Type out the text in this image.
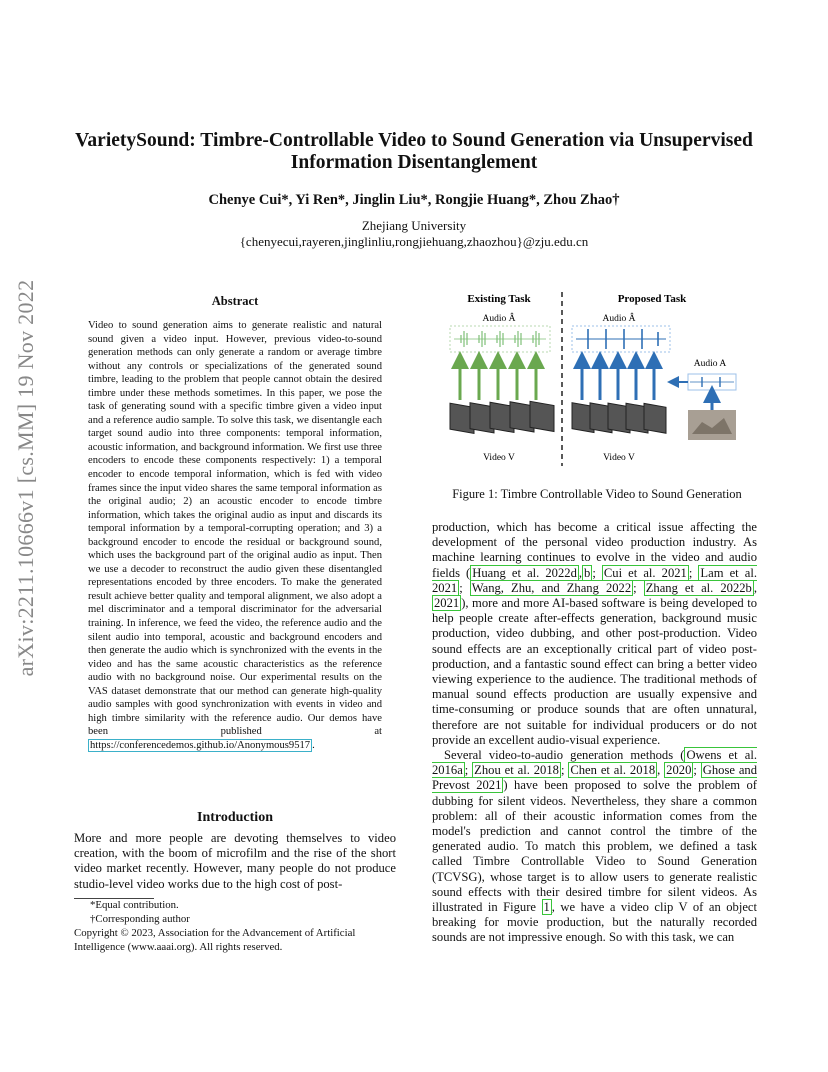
arXiv:2211.10666v1 [cs.MM] 19 Nov 2022
VarietySound: Timbre-Controllable Video to Sound Generation via Unsupervised Information Disentanglement
Chenye Cui*, Yi Ren*, Jinglin Liu*, Rongjie Huang*, Zhou Zhao†
Zhejiang University
{chenyecui,rayeren,jinglinliu,rongjiehuang,zhaozhou}@zju.edu.cn
Abstract
Video to sound generation aims to generate realistic and natural sound given a video input. However, previous video-to-sound generation methods can only generate a random or average timbre without any controls or specializations of the generated sound timbre, leading to the problem that people cannot obtain the desired timbre under these methods sometimes. In this paper, we pose the task of generating sound with a specific timbre given a video input and a reference audio sample. To solve this task, we disentangle each target sound audio into three components: temporal information, acoustic information, and background information. We first use three encoders to encode these components respectively: 1) a temporal encoder to encode temporal information, which is fed with video frames since the input video shares the same temporal information as the original audio; 2) an acoustic encoder to encode timbre information, which takes the original audio as input and discards its temporal information by a temporal-corrupting operation; and 3) a background encoder to encode the residual or background sound, which uses the background part of the original audio as input. Then we use a decoder to reconstruct the audio given these disentangled representations encoded by three encoders. To make the generated result achieve better quality and temporal alignment, we also adopt a mel discriminator and a temporal discriminator for the adversarial training. In inference, we feed the video, the reference audio and the silent audio into temporal, acoustic and background encoders and then generate the audio which is synchronized with the events in the video and has the same acoustic characteristics as the reference audio with no background noise. Our experimental results on the VAS dataset demonstrate that our method can generate high-quality audio samples with good synchronization with events in video and high timbre similarity with the reference audio. Our demos have been published at https://conferencedemos.github.io/Anonymous9517 .
Introduction
More and more people are devoting themselves to video creation, with the boom of microfilm and the rise of the short video market recently. However, many people do not produce studio-level video works due to the high cost of post-
*Equal contribution.
†Corresponding author
Copyright © 2023, Association for the Advancement of Artificial Intelligence (www.aaai.org). All rights reserved.
Existing Task	Proposed Task
Audio Â	Audio Â
Audio A
Video V	Video V
Figure 1: Timbre Controllable Video to Sound Generation

production, which has become a critical issue affecting the development of the personal video production industry. As machine learning continues to evolve in the video and audio fields ( Huang et al. 2022d , b ; Cui et al. 2021 ; Lam et al. 2021 ; Wang, Zhu, and Zhang 2022 ; Zhang et al. 2022b , 2021 ), more and more AI-based software is being developed to help people create after-effects generation, background music production, video dubbing, and other post-production. Video sound effects are an exceptionally critical part of video post-production, and a fantastic sound effect can bring a better video viewing experience to the audience. The traditional methods of manual sound effects production are usually expensive and time-consuming or produce sounds that are often unnatural, therefore are not suitable for individual producers or do not provide an excellent audio-visual experience.

Several video-to-audio generation methods ( Owens et al. 2016a ; Zhou et al. 2018 ; Chen et al. 2018 , 2020 ; Ghose and Prevost 2021 ) have been proposed to solve the problem of dubbing for silent videos. Nevertheless, they share a common problem: all of their acoustic information comes from the model's prediction and cannot control the timbre of the generated audio. To match this problem, we defined a task called Timbre Controllable Video to Sound Generation (TCVSG), whose target is to allow users to generate realistic sound effects with their desired timbre for silent videos. As illustrated in Figure 1 , we have a video clip V of an object breaking for movie production, but the naturally recorded sounds are not impressive enough. So with this task, we can
